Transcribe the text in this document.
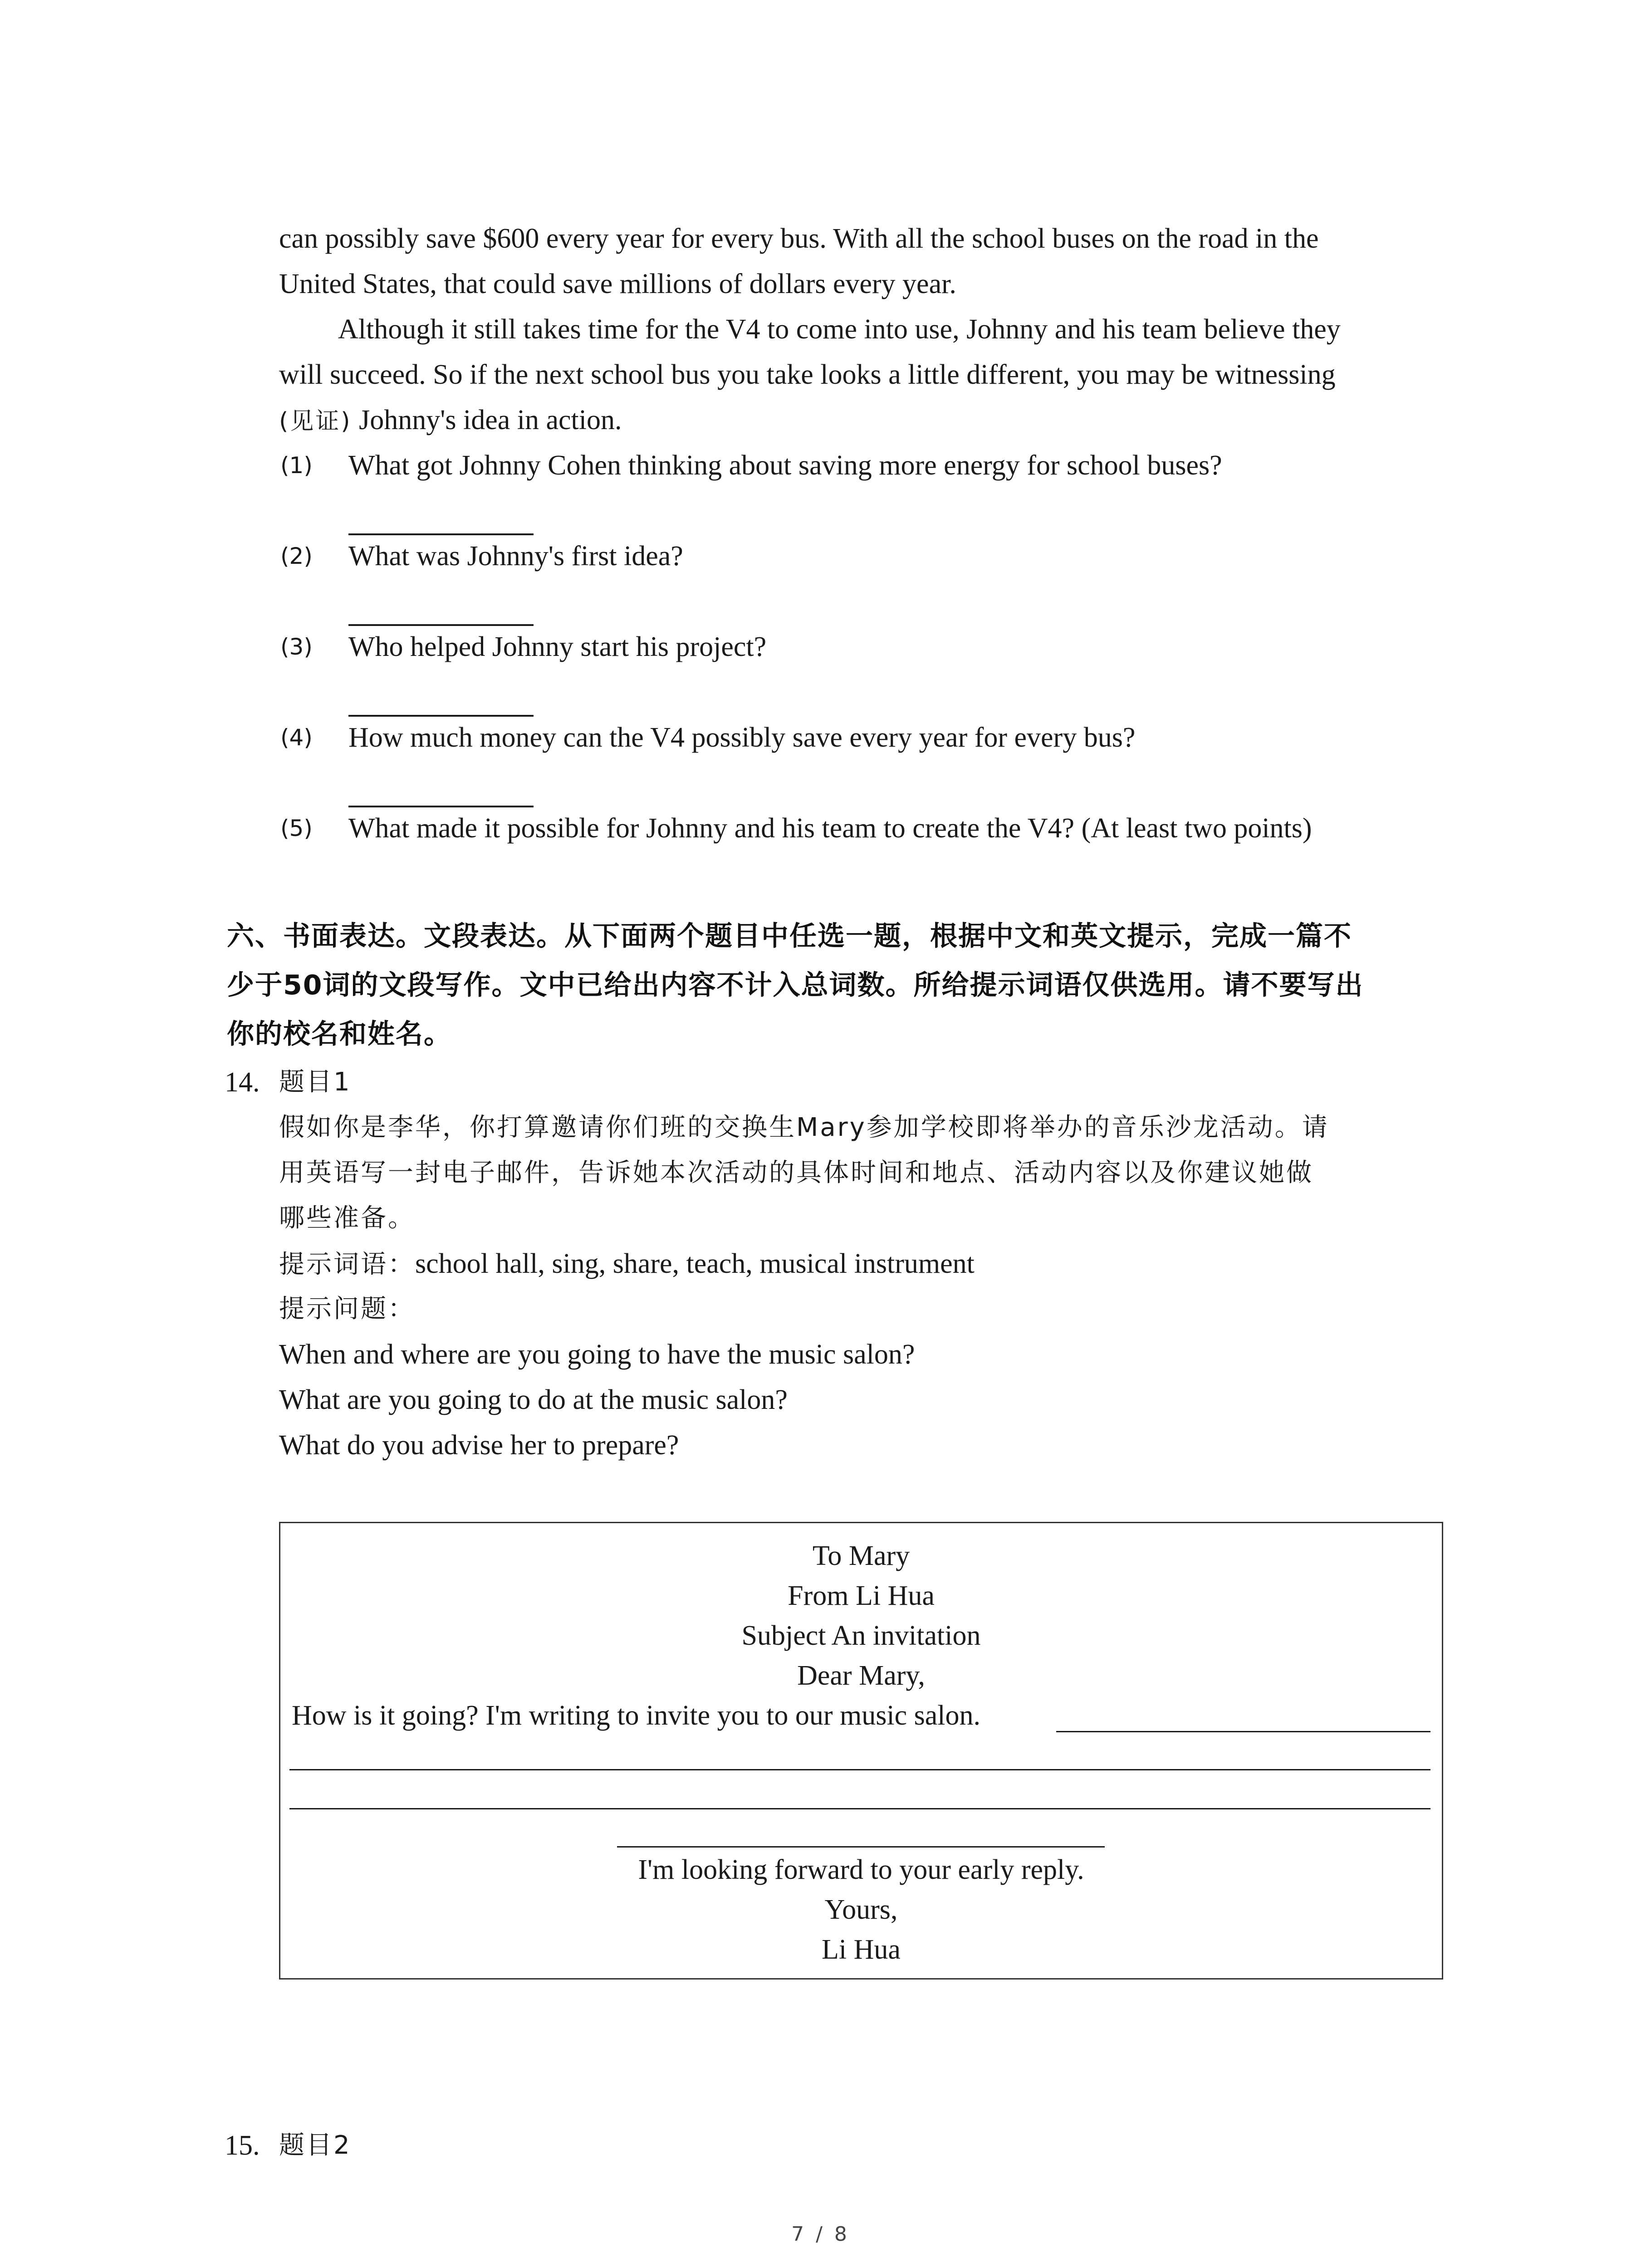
can possibly save $600 every year for every bus. With all the school buses on the road in the
United States, that could save millions of dollars every year.
Although it still takes time for the V4 to come into use, Johnny and his team believe they
will succeed. So if the next school bus you take looks a little different, you may be witnessing
(见证) Johnny's idea in action.
(1) What got Johnny Cohen thinking about saving more energy for school buses?
(2) What was Johnny's first idea?
(3) Who helped Johnny start his project?
(4) How much money can the V4 possibly save every year for every bus?
(5) What made it possible for Johnny and his team to create the V4? (At least two points)
六、书面表达。文段表达。从下面两个题目中任选一题，根据中文和英文提示，完成一篇不
少于50词的文段写作。文中已给出内容不计入总词数。所给提示词语仅供选用。请不要写出
你的校名和姓名。
14. 题目1
假如你是李华，你打算邀请你们班的交换生Mary参加学校即将举办的音乐沙龙活动。请
用英语写一封电子邮件，告诉她本次活动的具体时间和地点、活动内容以及你建议她做
哪些准备。
提示词语：school hall, sing, share, teach, musical instrument
提示问题：
When and where are you going to have the music salon?
What are you going to do at the music salon?
What do you advise her to prepare?
To Mary
From Li Hua
Subject An invitation
Dear Mary,
How is it going? I'm writing to invite you to our music salon.
I'm looking forward to your early reply.
Yours,
Li Hua
15. 题目2
7 / 8
